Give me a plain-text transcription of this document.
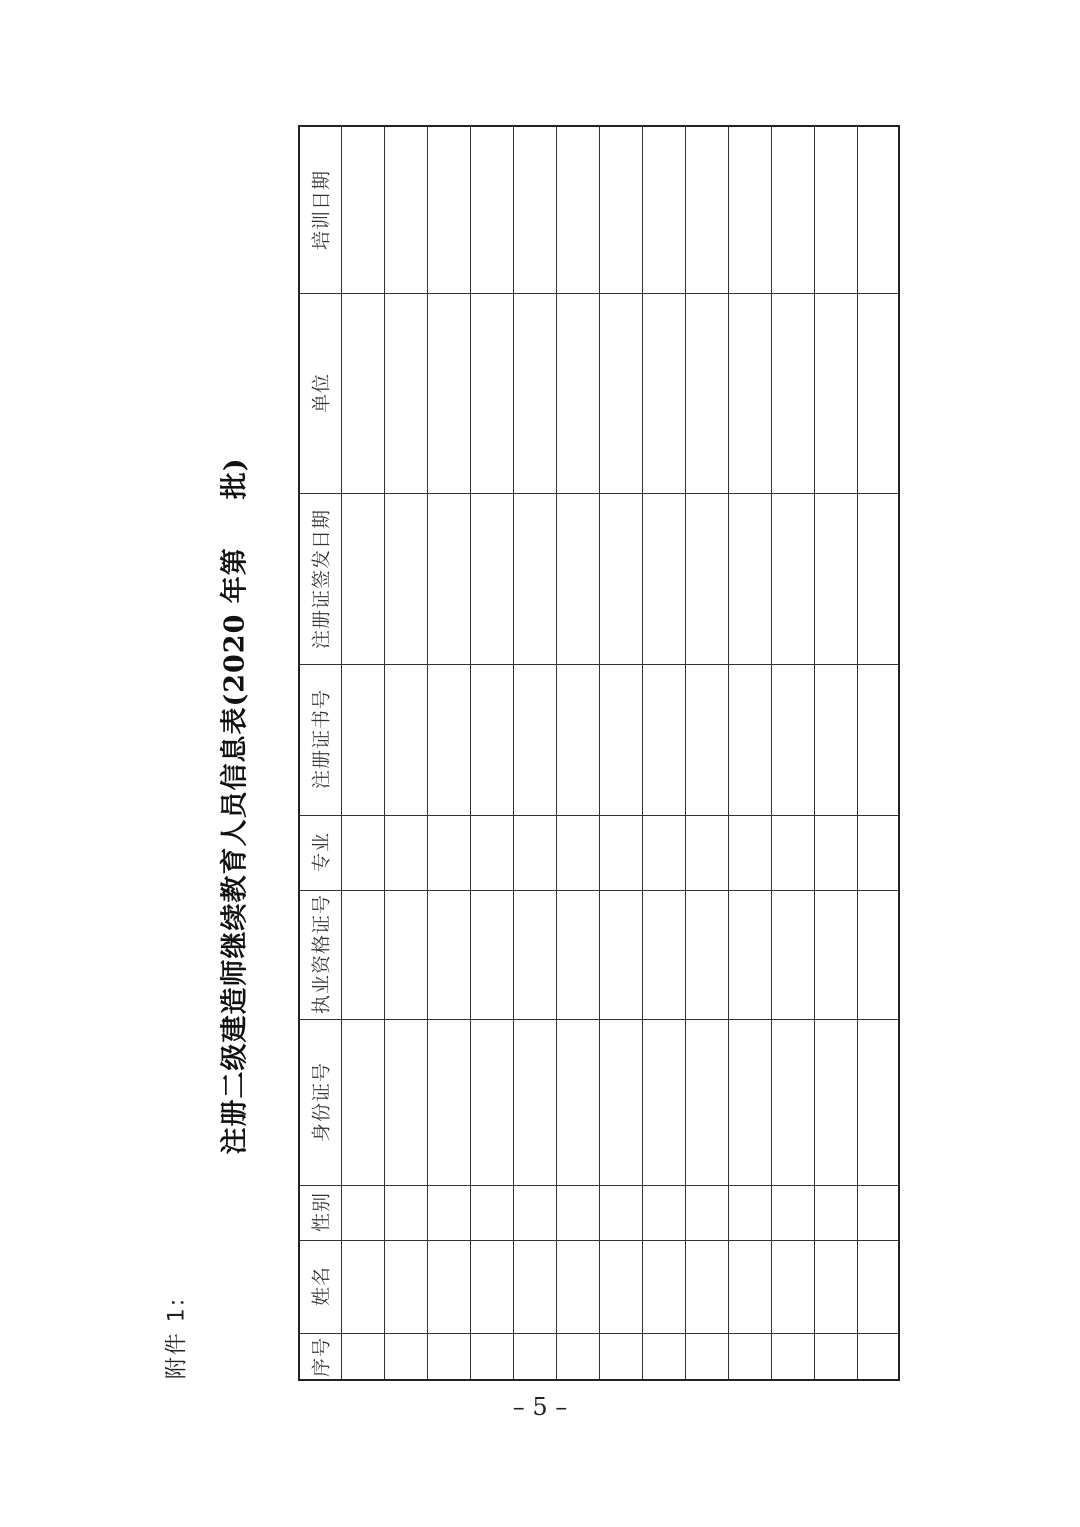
附件 1:
注册二级建造师继续教育人员信息表(2020 年第批)
序号
姓名
性别
身份证号
执业资格证号
专业
注册证书号
注册证签发日期
单位
培训日期
– 5 –
